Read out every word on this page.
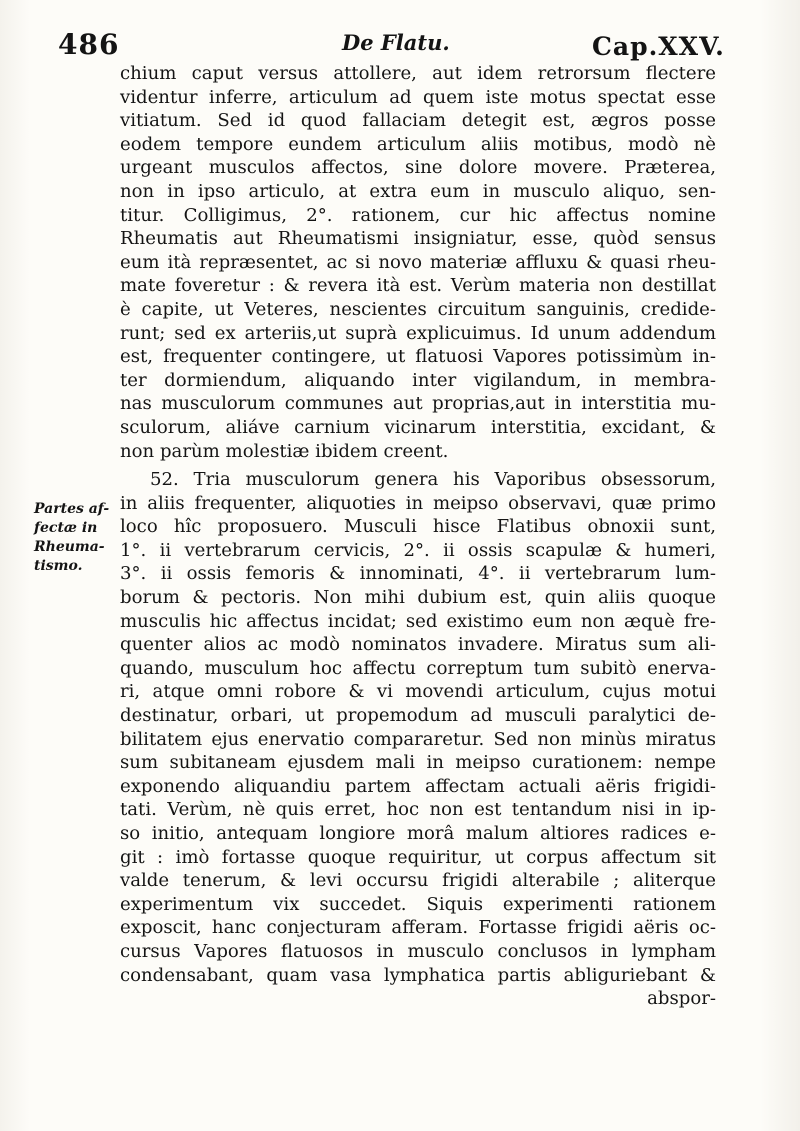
486	De Flatu.	Cap.XXV.
Partes af-
fectæ in
Rheuma-
tismo.
chium caput versus attollere, aut idem retrorsum flectere
videntur inferre, articulum ad quem iste motus spectat esse
vitiatum. Sed id quod fallaciam detegit est, ægros posse
eodem tempore eundem articulum aliis motibus, modò nè
urgeant musculos affectos, sine dolore movere. Præterea,
non in ipso articulo, at extra eum in musculo aliquo, sen-
titur. Colligimus, 2°. rationem, cur hic affectus nomine
Rheumatis aut Rheumatismi insigniatur, esse, quòd sensus
eum ità repræsentet, ac si novo materiæ affluxu & quasi rheu-
mate foveretur : & revera ità est. Verùm materia non destillat
è capite, ut Veteres, nescientes circuitum sanguinis, credide-
runt; sed ex arteriis,ut suprà explicuimus. Id unum addendum
est, frequenter contingere, ut flatuosi Vapores potissimùm in-
ter dormiendum, aliquando inter vigilandum, in membra-
nas musculorum communes aut proprias,aut in interstitia mu-
sculorum, aliáve carnium vicinarum interstitia, excidant, &
non parùm molestiæ ibidem creent.
52. Tria musculorum genera his Vaporibus obsessorum,
in aliis frequenter, aliquoties in meipso observavi, quæ primo
loco hîc proposuero. Musculi hisce Flatibus obnoxii sunt,
1°. ii vertebrarum cervicis, 2°. ii ossis scapulæ & humeri,
3°. ii ossis femoris & innominati, 4°. ii vertebrarum lum-
borum & pectoris. Non mihi dubium est, quin aliis quoque
musculis hic affectus incidat; sed existimo eum non æquè fre-
quenter alios ac modò nominatos invadere. Miratus sum ali-
quando, musculum hoc affectu correptum tum subitò enerva-
ri, atque omni robore & vi movendi articulum, cujus motui
destinatur, orbari, ut propemodum ad musculi paralytici de-
bilitatem ejus enervatio compararetur. Sed non minùs miratus
sum subitaneam ejusdem mali in meipso curationem: nempe
exponendo aliquandiu partem affectam actuali aëris frigidi-
tati. Verùm, nè quis erret, hoc non est tentandum nisi in ip-
so initio, antequam longiore morâ malum altiores radices e-
git : imò fortasse quoque requiritur, ut corpus affectum sit
valde tenerum, & levi occursu frigidi alterabile ; aliterque
experimentum vix succedet. Siquis experimenti rationem
exposcit, hanc conjecturam afferam. Fortasse frigidi aëris oc-
cursus Vapores flatuosos in musculo conclusos in lympham
condensabant, quam vasa lymphatica partis abliguriebant &
abspor-
